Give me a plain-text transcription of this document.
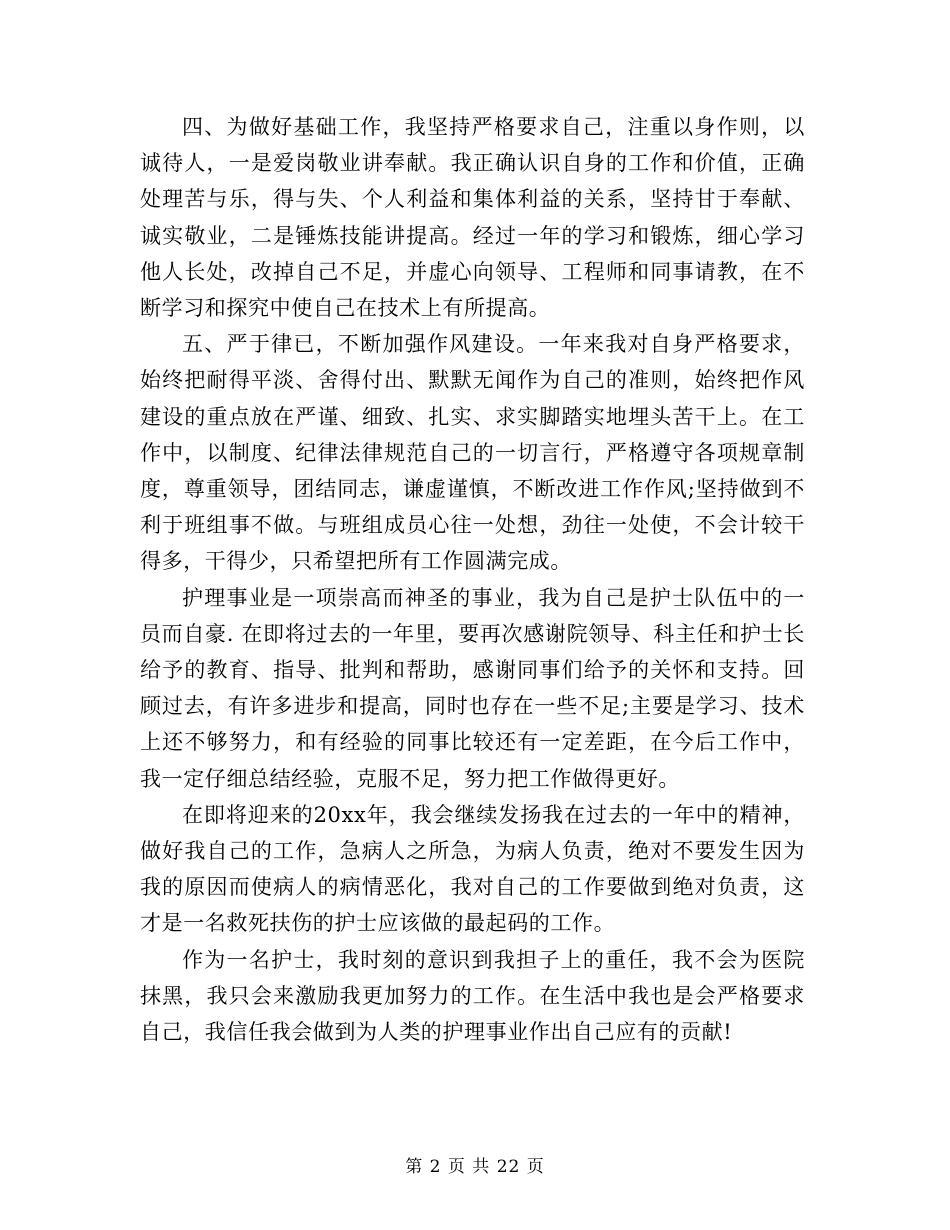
四、为做好基础工作，我坚持严格要求自己，注重以身作则，以诚待人，一是爱岗敬业讲奉献。我正确认识自身的工作和价值，正确处理苦与乐，得与失、个人利益和集体利益的关系，坚持甘于奉献、诚实敬业，二是锤炼技能讲提高。经过一年的学习和锻炼，细心学习他人长处，改掉自己不足，并虚心向领导、工程师和同事请教，在不断学习和探究中使自己在技术上有所提高。

五、严于律已，不断加强作风建设。一年来我对自身严格要求，始终把耐得平淡、舍得付出、默默无闻作为自己的准则，始终把作风建设的重点放在严谨、细致、扎实、求实脚踏实地埋头苦干上。在工作中，以制度、纪律法律规范自己的一切言行，严格遵守各项规章制度，尊重领导，团结同志，谦虚谨慎，不断改进工作作风;坚持做到不利于班组事不做。与班组成员心往一处想，劲往一处使，不会计较干得多，干得少，只希望把所有工作圆满完成。

护理事业是一项崇高而神圣的事业，我为自己是护士队伍中的一员而自豪. 在即将过去的一年里，要再次感谢院领导、科主任和护士长给予的教育、指导、批判和帮助，感谢同事们给予的关怀和支持。回顾过去，有许多进步和提高，同时也存在一些不足;主要是学习、技术上还不够努力，和有经验的同事比较还有一定差距，在今后工作中，我一定仔细总结经验，克服不足，努力把工作做得更好。

在即将迎来的20xx年，我会继续发扬我在过去的一年中的精神，做好我自己的工作，急病人之所急，为病人负责，绝对不要发生因为我的原因而使病人的病情恶化，我对自己的工作要做到绝对负责，这才是一名救死扶伤的护士应该做的最起码的工作。

作为一名护士，我时刻的意识到我担子上的重任，我不会为医院抹黑，我只会来激励我更加努力的工作。在生活中我也是会严格要求自己，我信任我会做到为人类的护理事业作出自己应有的贡献!

第 2 页 共 22 页
